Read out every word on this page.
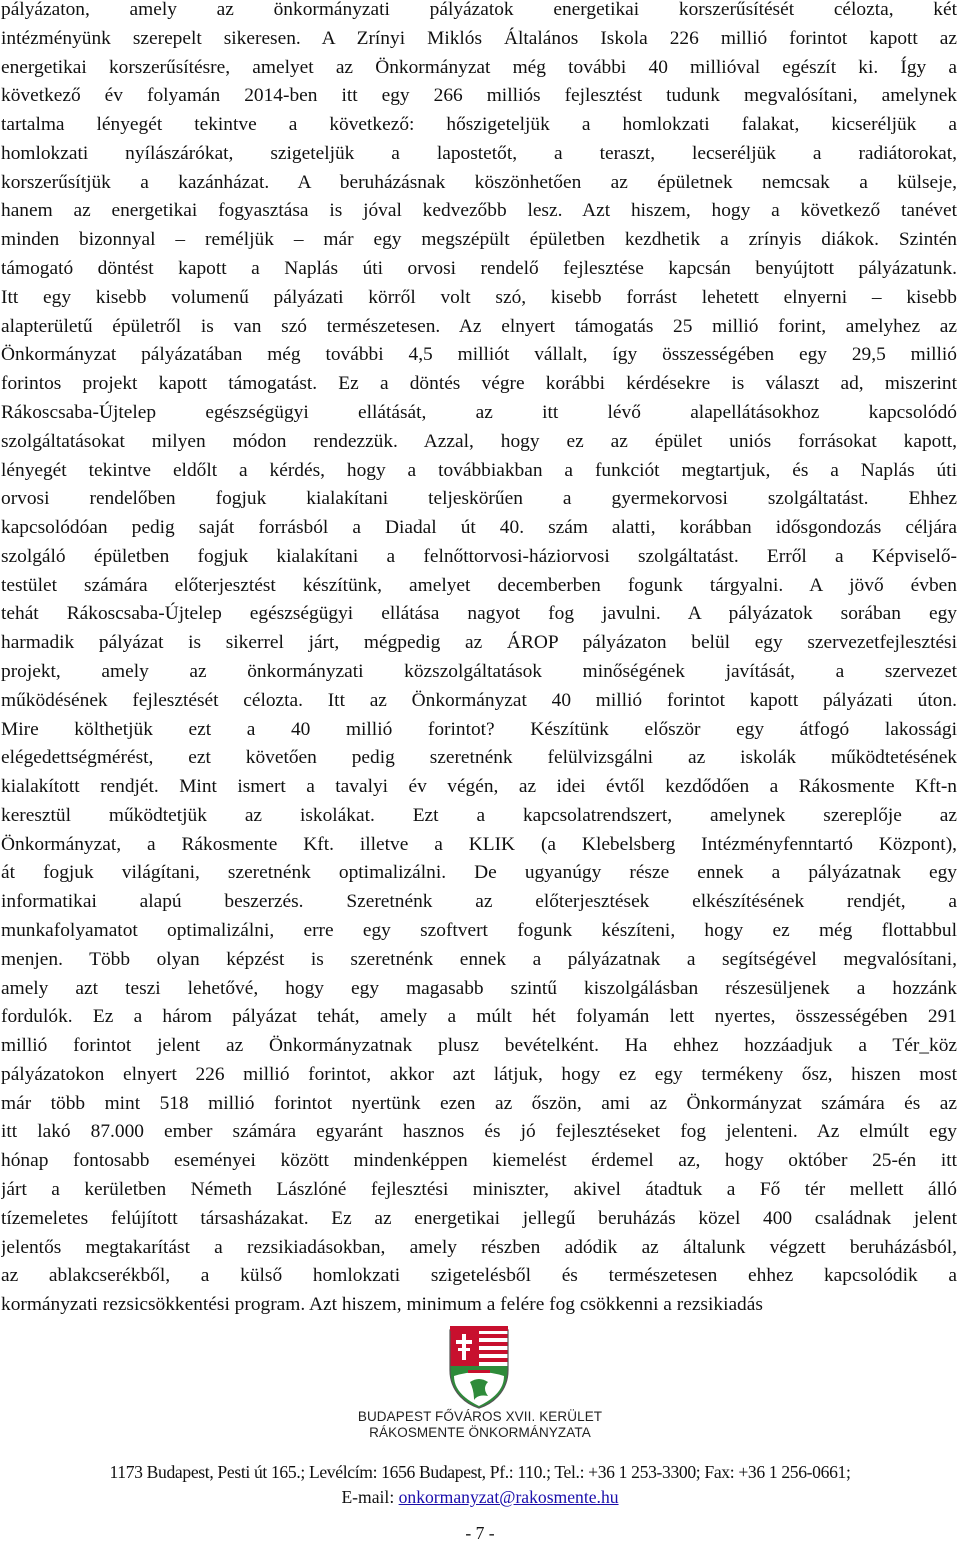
pályázaton, amely az önkormányzati pályázatok energetikai korszerűsítését célozta, két
intézményünk szerepelt sikeresen. A Zrínyi Miklós Általános Iskola 226 millió forintot kapott az
energetikai korszerűsítésre, amelyet az Önkormányzat még további 40 millióval egészít ki. Így a
következő év folyamán 2014-ben itt egy 266 milliós fejlesztést tudunk megvalósítani, amelynek
tartalma lényegét tekintve a következő: hőszigeteljük a homlokzati falakat, kicseréljük a
homlokzati nyílászárókat, szigeteljük a lapostetőt, a teraszt, lecseréljük a radiátorokat,
korszerűsítjük a kazánházat. A beruházásnak köszönhetően az épületnek nemcsak a külseje,
hanem az energetikai fogyasztása is jóval kedvezőbb lesz. Azt hiszem, hogy a következő tanévet
minden bizonnyal – reméljük – már egy megszépült épületben kezdhetik a zrínyis diákok. Szintén
támogató döntést kapott a Naplás úti orvosi rendelő fejlesztése kapcsán benyújtott pályázatunk.
Itt egy kisebb volumenű pályázati körről volt szó, kisebb forrást lehetett elnyerni – kisebb
alapterületű épületről is van szó természetesen. Az elnyert támogatás 25 millió forint, amelyhez az
Önkormányzat pályázatában még további 4,5 milliót vállalt, így összességében egy 29,5 millió
forintos projekt kapott támogatást. Ez a döntés végre korábbi kérdésekre is választ ad, miszerint
Rákoscsaba-Újtelep egészségügyi ellátását, az itt lévő alapellátásokhoz kapcsolódó
szolgáltatásokat milyen módon rendezzük. Azzal, hogy ez az épület uniós forrásokat kapott,
lényegét tekintve eldőlt a kérdés, hogy a továbbiakban a funkciót megtartjuk, és a Naplás úti
orvosi rendelőben fogjuk kialakítani teljeskörűen a gyermekorvosi szolgáltatást. Ehhez
kapcsolódóan pedig saját forrásból a Diadal út 40. szám alatti, korábban idősgondozás céljára
szolgáló épületben fogjuk kialakítani a felnőttorvosi-háziorvosi szolgáltatást. Erről a Képviselő-
testület számára előterjesztést készítünk, amelyet decemberben fogunk tárgyalni. A jövő évben
tehát Rákoscsaba-Újtelep egészségügyi ellátása nagyot fog javulni. A pályázatok sorában egy
harmadik pályázat is sikerrel járt, mégpedig az ÁROP pályázaton belül egy szervezetfejlesztési
projekt, amely az önkormányzati közszolgáltatások minőségének javítását, a szervezet
működésének fejlesztését célozta. Itt az Önkormányzat 40 millió forintot kapott pályázati úton.
Mire költhetjük ezt a 40 millió forintot? Készítünk először egy átfogó lakossági
elégedettségmérést, ezt követően pedig szeretnénk felülvizsgálni az iskolák működtetésének
kialakított rendjét. Mint ismert a tavalyi év végén, az idei évtől kezdődően a Rákosmente Kft-n
keresztül működtetjük az iskolákat. Ezt a kapcsolatrendszert, amelynek szereplője az
Önkormányzat, a Rákosmente Kft. illetve a KLIK (a Klebelsberg Intézményfenntartó Központ),
át fogjuk világítani, szeretnénk optimalizálni. De ugyanúgy része ennek a pályázatnak egy
informatikai alapú beszerzés. Szeretnénk az előterjesztések elkészítésének rendjét, a
munkafolyamatot optimalizálni, erre egy szoftvert fogunk készíteni, hogy ez még flottabbul
menjen. Több olyan képzést is szeretnénk ennek a pályázatnak a segítségével megvalósítani,
amely azt teszi lehetővé, hogy egy magasabb szintű kiszolgálásban részesüljenek a hozzánk
fordulók. Ez a három pályázat tehát, amely a múlt hét folyamán lett nyertes, összességében 291
millió forintot jelent az Önkormányzatnak plusz bevételként. Ha ehhez hozzáadjuk a Tér_köz
pályázatokon elnyert 226 millió forintot, akkor azt látjuk, hogy ez egy termékeny ősz, hiszen most
már több mint 518 millió forintot nyertünk ezen az őszön, ami az Önkormányzat számára és az
itt lakó 87.000 ember számára egyaránt hasznos és jó fejlesztéseket fog jelenteni. Az elmúlt egy
hónap fontosabb eseményei között mindenképpen kiemelést érdemel az, hogy október 25-én itt
járt a kerületben Németh Lászlóné fejlesztési miniszter, akivel átadtuk a Fő tér mellett álló
tízemeletes felújított társasházakat. Ez az energetikai jellegű beruházás közel 400 családnak jelent
jelentős megtakarítást a rezsikiadásokban, amely részben adódik az általunk végzett beruházásból,
az ablakcserékből, a külső homlokzati szigetelésből és természetesen ehhez kapcsolódik a
kormányzati rezsicsökkentési program. Azt hiszem, minimum a felére fog csökkenni a rezsikiadás
BUDAPEST FŐVÁROS XVII. KERÜLET
RÁKOSMENTE ÖNKORMÁNYZATA
1173 Budapest, Pesti út 165.; Levélcím: 1656 Budapest, Pf.: 110.; Tel.: +36 1 253-3300; Fax: +36 1 256-0661;
E-mail: onkormanyzat@rakosmente.hu
- 7 -
